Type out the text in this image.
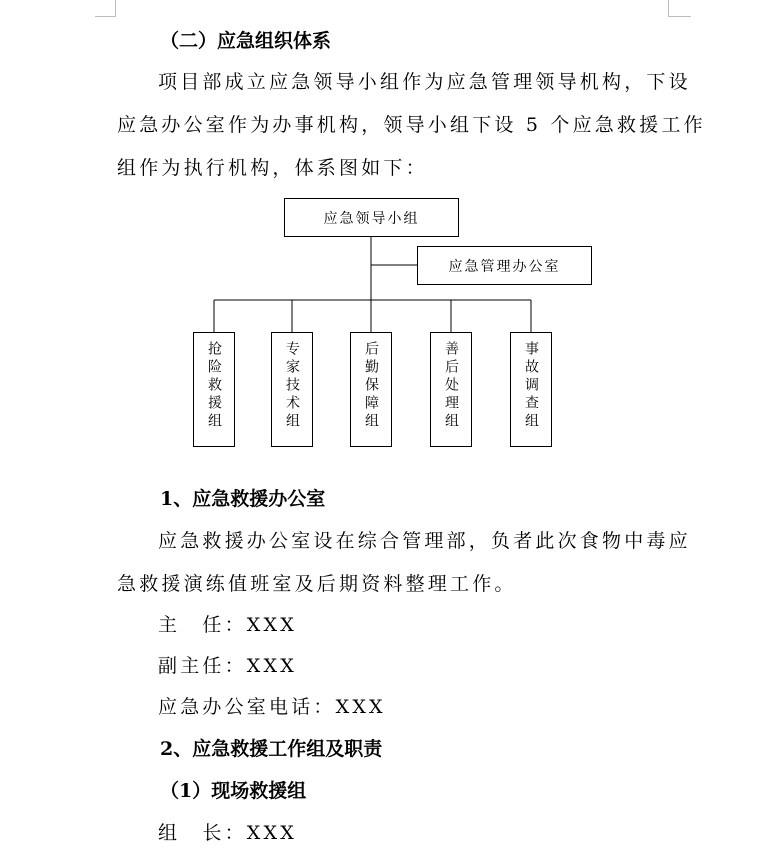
（二）应急组织体系
项目部成立应急领导小组作为应急管理领导机构，下设
应急办公室作为办事机构，领导小组下设 5 个应急救援工作
组作为执行机构，体系图如下：
应急领导小组
应急管理办公室
抢险救援组	专家技术组	后勤保障组	善后处理组	事故调查组
1、应急救援办公室
应急救援办公室设在综合管理部，负者此次食物中毒应
急救援演练值班室及后期资料整理工作。
主　任：XXX
副主任：XXX
应急办公室电话：XXX
2、应急救援工作组及职责
（1）现场救援组
组　长：XXX
